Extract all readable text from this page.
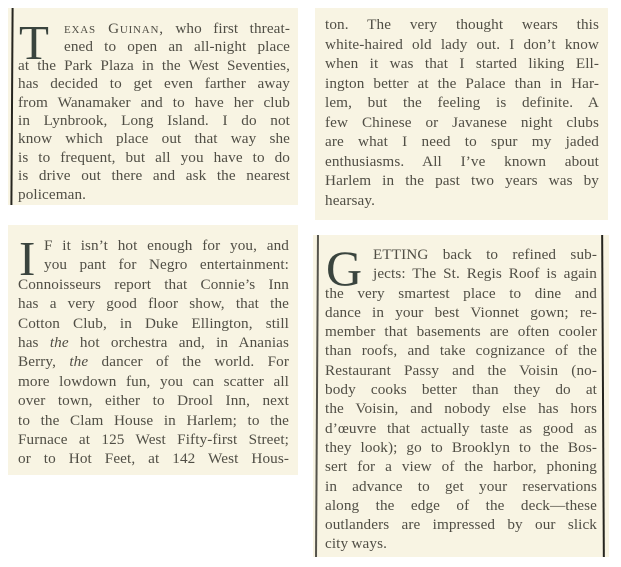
T exas Guinan, who first threat-
ened to open an all-night place
at the Park Plaza in the West Seventies,
has decided to get even farther away
from Wanamaker and to have her club
in Lynbrook, Long Island. I do not
know which place out that way she
is to frequent, but all you have to do
is drive out there and ask the nearest
policeman.
ton. The very thought wears this
white-haired old lady out. I don’t know
when it was that I started liking Ell-
ington better at the Palace than in Har-
lem, but the feeling is definite. A
few Chinese or Javanese night clubs
are what I need to spur my jaded
enthusiasms. All I’ve known about
Harlem in the past two years was by
hearsay.
I F it isn’t hot enough for you, and
you pant for Negro entertainment:
Connoisseurs report that Connie’s Inn
has a very good floor show, that the
Cotton Club, in Duke Ellington, still
has the hot orchestra and, in Ananias
Berry, the dancer of the world. For
more lowdown fun, you can scatter all
over town, either to Drool Inn, next
to the Clam House in Harlem; to the
Furnace at 125 West Fifty-first Street;
or to Hot Feet, at 142 West Hous-
G ETTING back to refined sub-
jects: The St. Regis Roof is again
the very smartest place to dine and
dance in your best Vionnet gown; re-
member that basements are often cooler
than roofs, and take cognizance of the
Restaurant Passy and the Voisin (no-
body cooks better than they do at
the Voisin, and nobody else has hors
d’œuvre that actually taste as good as
they look); go to Brooklyn to the Bos-
sert for a view of the harbor, phoning
in advance to get your reservations
along the edge of the deck—these
outlanders are impressed by our slick
city ways.
